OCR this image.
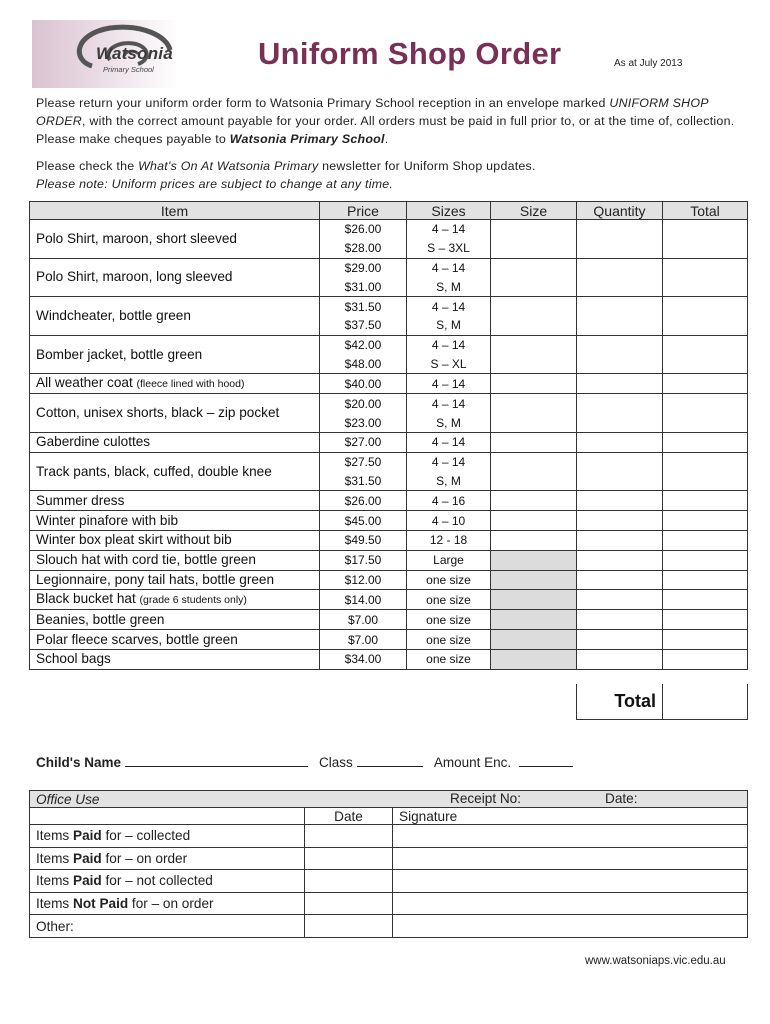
Watsonia
Primary School	Uniform Shop Order	As at July 2013
Please return your uniform order form to Watsonia Primary School reception in an envelope marked UNIFORM SHOP ORDER, with the correct amount payable for your order. All orders must be paid in full prior to, or at the time of, collection. Please make cheques payable to Watsonia Primary School.
Please check the What's On At Watsonia Primary newsletter for Uniform Shop updates.
Please note: Uniform prices are subject to change at any time.
Item	Price	Sizes	Size	Quantity	Total
Polo Shirt, maroon, short sleeved	$26.00	4 – 14			
	$28.00	S – 3XL			
Polo Shirt, maroon, long sleeved	$29.00	4 – 14			
	$31.00	S, M			
Windcheater, bottle green	$31.50	4 – 14			
	$37.50	S, M			
Bomber jacket, bottle green	$42.00	4 – 14			
	$48.00	S – XL			
All weather coat (fleece lined with hood)	$40.00	4 – 14			
Cotton, unisex shorts, black – zip pocket	$20.00	4 – 14			
	$23.00	S, M			
Gaberdine culottes	$27.00	4 – 14			
Track pants, black, cuffed, double knee	$27.50	4 – 14			
	$31.50	S, M			
Summer dress	$26.00	4 – 16			
Winter pinafore with bib	$45.00	4 – 10			
Winter box pleat skirt without bib	$49.50	12 - 18			
Slouch hat with cord tie, bottle green	$17.50	Large			
Legionnaire, pony tail hats, bottle green	$12.00	one size			
Black bucket hat (grade 6 students only)	$14.00	one size			
Beanies, bottle green	$7.00	one size			
Polar fleece scarves, bottle green	$7.00	one size			
School bags	$34.00	one size			
Total
Child's Name	Class	Amount Enc.
Office Use Receipt No: Date:		

	Date	Signature
Items Paid for – collected		
Items Paid for – on order		
Items Paid for – not collected		
Items Not Paid for – on order		
Other:		
www.watsoniaps.vic.edu.au
